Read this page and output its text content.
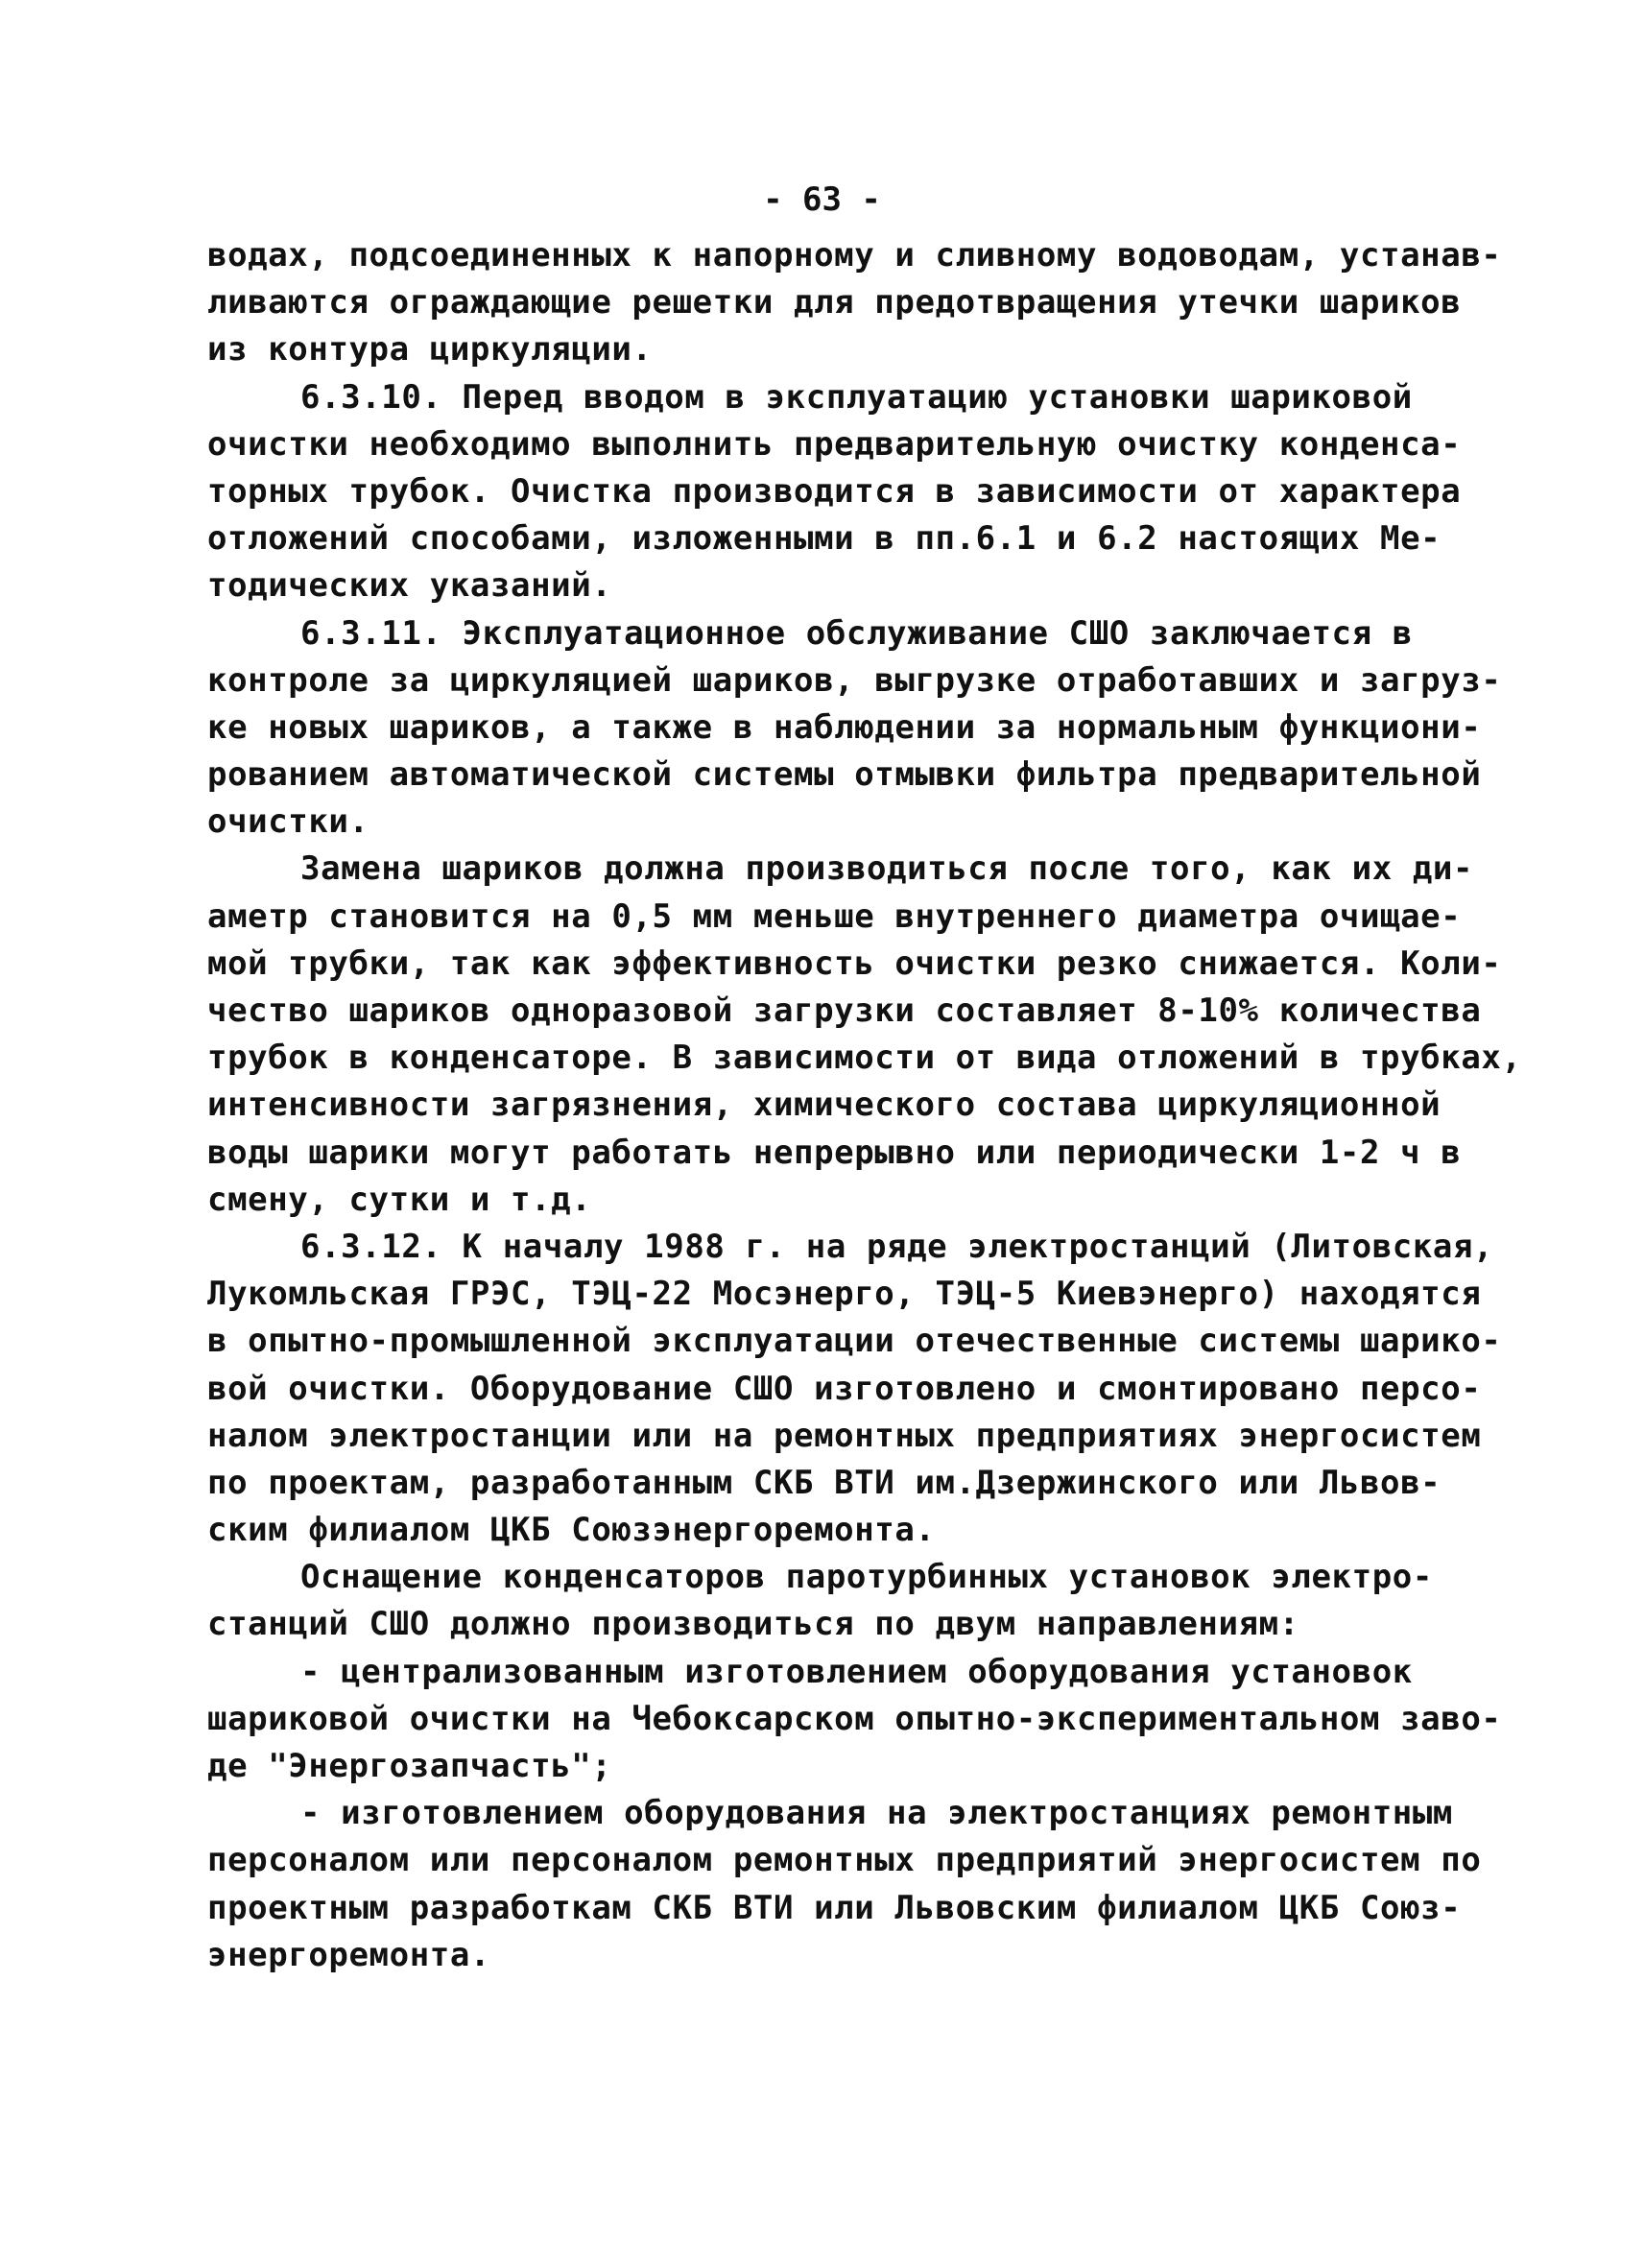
- 63 -
водах, подсоединенных к напорному и сливному водоводам, устанав-
ливаются ограждающие решетки для предотвращения утечки шариков
из контура циркуляции.
6.3.10. Перед вводом в эксплуатацию установки шариковой
очистки необходимо выполнить предварительную очистку конденса-
торных трубок. Очистка производится в зависимости от характера
отложений способами, изложенными в пп.6.1 и 6.2 настоящих Ме-
тодических указаний.
6.3.11. Эксплуатационное обслуживание СШО заключается в
контроле за циркуляцией шариков, выгрузке отработавших и загруз-
ке новых шариков, а также в наблюдении за нормальным функциони-
рованием автоматической системы отмывки фильтра предварительной
очистки.
Замена шариков должна производиться после того, как их ди-
аметр становится на 0,5 мм меньше внутреннего диаметра очищае-
мой трубки, так как эффективность очистки резко снижается. Коли-
чество шариков одноразовой загрузки составляет 8-10% количества
трубок в конденсаторе. В зависимости от вида отложений в трубках,
интенсивности загрязнения, химического состава циркуляционной
воды шарики могут работать непрерывно или периодически 1-2 ч в
смену, сутки и т.д.
6.3.12. К началу 1988 г. на ряде электростанций (Литовская,
Лукомльская ГРЭС, ТЭЦ-22 Мосэнерго, ТЭЦ-5 Киевэнерго) находятся
в опытно-промышленной эксплуатации отечественные системы шарико-
вой очистки. Оборудование СШО изготовлено и смонтировано персо-
налом электростанции или на ремонтных предприятиях энергосистем
по проектам, разработанным СКБ ВТИ им.Дзержинского или Львов-
ским филиалом ЦКБ Союзэнергоремонта.
Оснащение конденсаторов паротурбинных установок электро-
станций СШО должно производиться по двум направлениям:
- централизованным изготовлением оборудования установок
шариковой очистки на Чебоксарском опытно-экспериментальном заво-
де "Энергозапчасть";
- изготовлением оборудования на электростанциях ремонтным
персоналом или персоналом ремонтных предприятий энергосистем по
проектным разработкам СКБ ВТИ или Львовским филиалом ЦКБ Союз-
энергоремонта.
